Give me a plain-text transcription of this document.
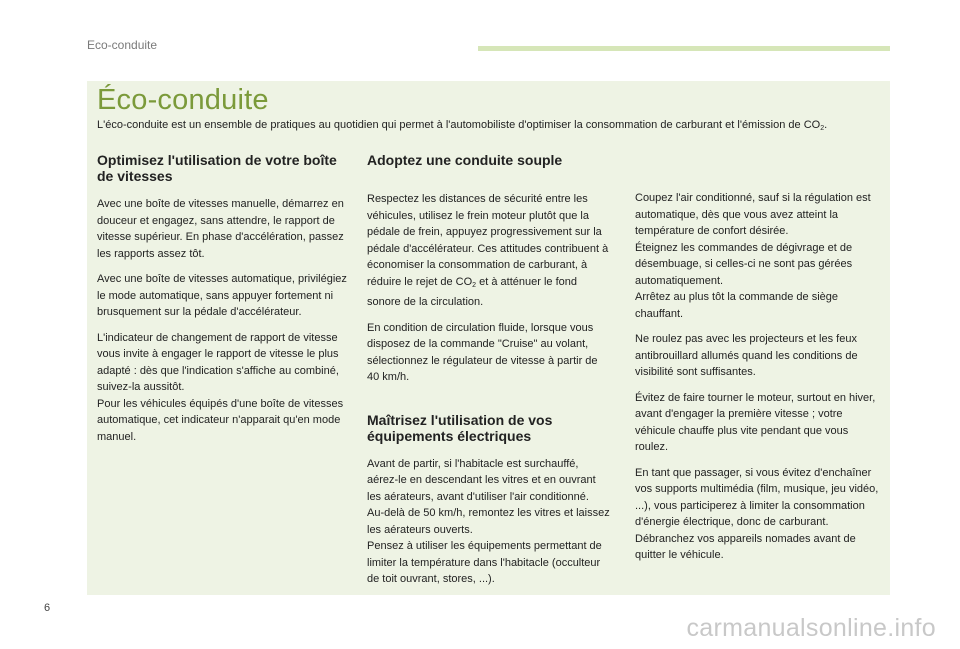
Eco-conduite
Éco-conduite

L'éco-conduite est un ensemble de pratiques au quotidien qui permet à l'automobiliste d'optimiser la consommation de carburant et l'émission de $CO_2$.

Optimisez l'utilisation de votre boîte de vitesses

Avec une boîte de vitesses manuelle, démarrez en douceur et engagez, sans attendre, le rapport de vitesse supérieur. En phase d'accélération, passez les rapports assez tôt.

Avec une boîte de vitesses automatique, privilégiez le mode automatique, sans appuyer fortement ni brusquement sur la pédale d'accélérateur.

L'indicateur de changement de rapport de vitesse vous invite à engager le rapport de vitesse le plus adapté : dès que l'indication s'affiche au combiné, suivez-la aussitôt.

Pour les véhicules équipés d'une boîte de vitesses automatique, cet indicateur n'apparait qu'en mode manuel.

Adoptez une conduite souple

Respectez les distances de sécurité entre les véhicules, utilisez le frein moteur plutôt que la pédale de frein, appuyez progressivement sur la pédale d'accélérateur. Ces attitudes contribuent à économiser la consommation de carburant, à réduire le rejet de $CO_2$ et à atténuer le fond sonore de la circulation.

En condition de circulation fluide, lorsque vous disposez de la commande "Cruise" au volant, sélectionnez le régulateur de vitesse à partir de 40 km/h.

Maîtrisez l'utilisation de vos équipements électriques

Avant de partir, si l'habitacle est surchauffé, aérez-le en descendant les vitres et en ouvrant les aérateurs, avant d'utiliser l'air conditionné.

Au-delà de 50 km/h, remontez les vitres et laissez les aérateurs ouverts.

Pensez à utiliser les équipements permettant de limiter la température dans l'habitacle (occulteur de toit ouvrant, stores, ...).

Coupez l'air conditionné, sauf si la régulation est automatique, dès que vous avez atteint la température de confort désirée.

Éteignez les commandes de dégivrage et de désembuage, si celles-ci ne sont pas gérées automatiquement.

Arrêtez au plus tôt la commande de siège chauffant.

Ne roulez pas avec les projecteurs et les feux antibrouillard allumés quand les conditions de visibilité sont suffisantes.

Évitez de faire tourner le moteur, surtout en hiver, avant d'engager la première vitesse ; votre véhicule chauffe plus vite pendant que vous roulez.

En tant que passager, si vous évitez d'enchaîner vos supports multimédia (film, musique, jeu vidéo, ...), vous participerez à limiter la consommation d'énergie électrique, donc de carburant.

Débranchez vos appareils nomades avant de quitter le véhicule.

6
carmanualsonline.info
